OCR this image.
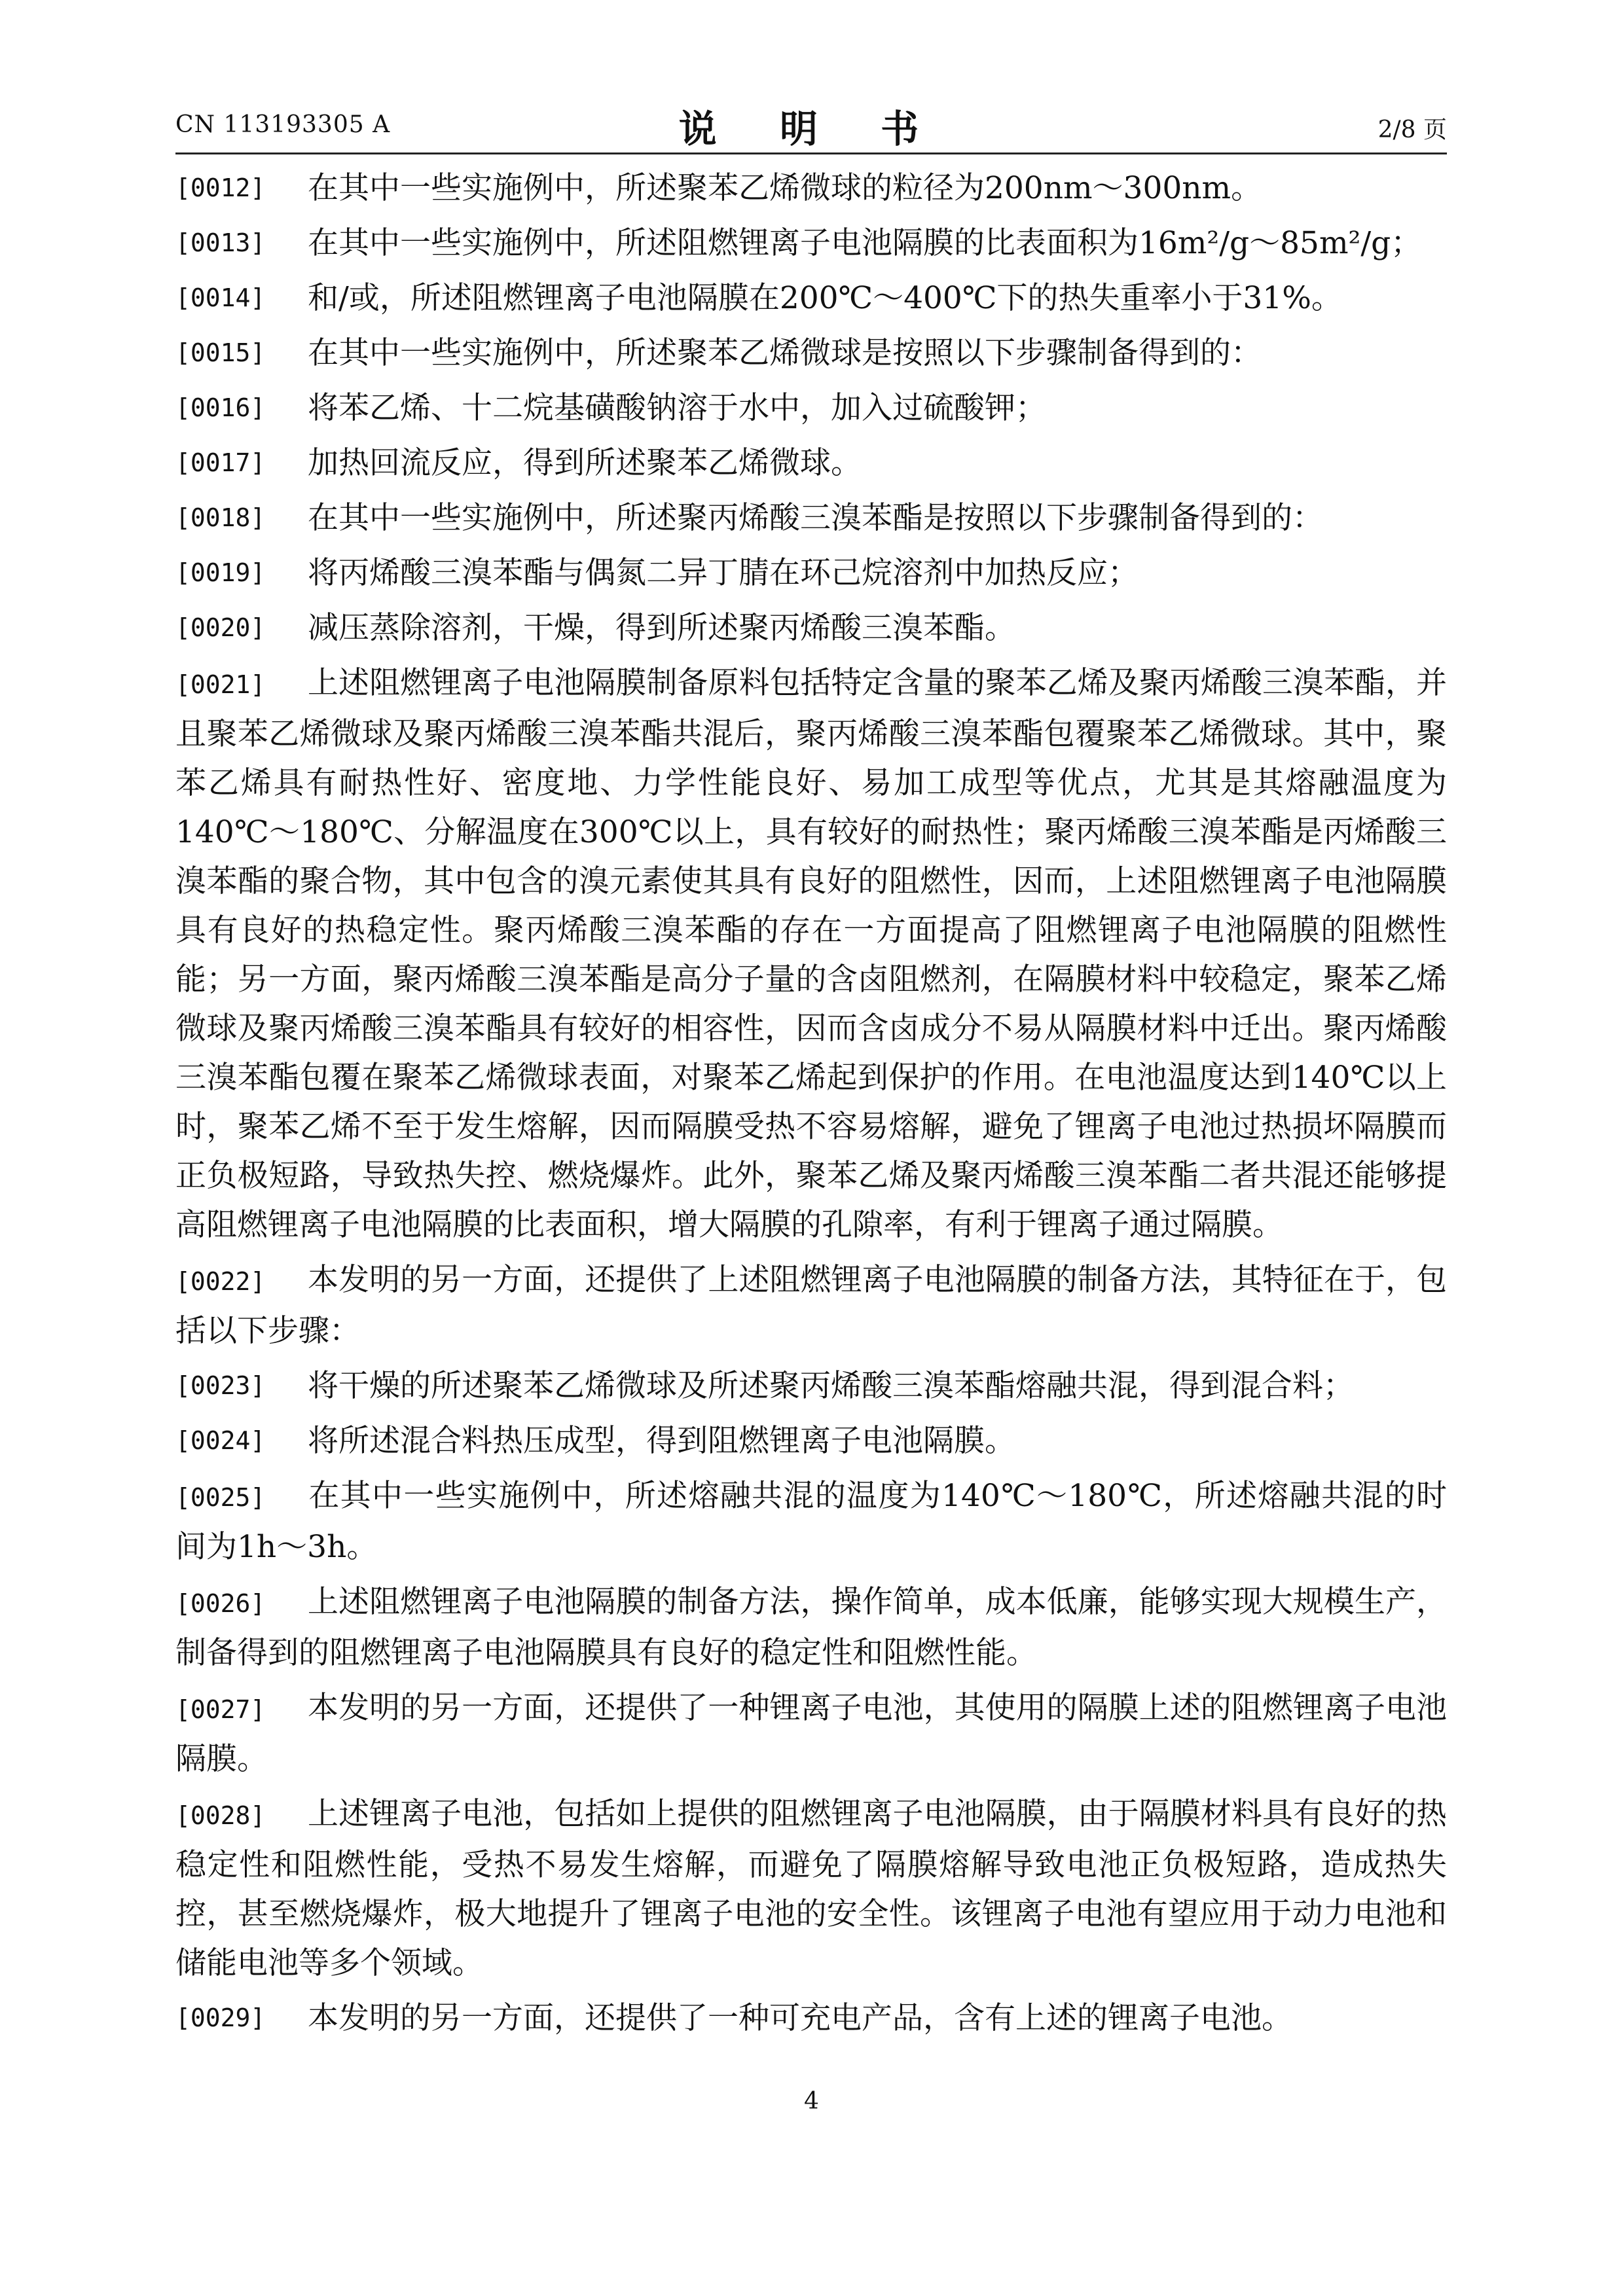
CN 113193305 A	说 明 书	2/8 页
[0012] 在其中一些实施例中，所述聚苯乙烯微球的粒径为200nm～300nm。
[0013] 在其中一些实施例中，所述阻燃锂离子电池隔膜的比表面积为16m²/g～85m²/g；
[0014] 和/或，所述阻燃锂离子电池隔膜在200℃～400℃下的热失重率小于31%。
[0015] 在其中一些实施例中，所述聚苯乙烯微球是按照以下步骤制备得到的：
[0016] 将苯乙烯、十二烷基磺酸钠溶于水中，加入过硫酸钾；
[0017] 加热回流反应，得到所述聚苯乙烯微球。
[0018] 在其中一些实施例中，所述聚丙烯酸三溴苯酯是按照以下步骤制备得到的：
[0019] 将丙烯酸三溴苯酯与偶氮二异丁腈在环己烷溶剂中加热反应；
[0020] 减压蒸除溶剂，干燥，得到所述聚丙烯酸三溴苯酯。
[0021] 上述阻燃锂离子电池隔膜制备原料包括特定含量的聚苯乙烯及聚丙烯酸三溴苯酯，并且聚苯乙烯微球及聚丙烯酸三溴苯酯共混后，聚丙烯酸三溴苯酯包覆聚苯乙烯微球。其中，聚苯乙烯具有耐热性好、密度地、力学性能良好、易加工成型等优点，尤其是其熔融温度为140℃～180℃、分解温度在300℃以上，具有较好的耐热性；聚丙烯酸三溴苯酯是丙烯酸三溴苯酯的聚合物，其中包含的溴元素使其具有良好的阻燃性，因而，上述阻燃锂离子电池隔膜具有良好的热稳定性。聚丙烯酸三溴苯酯的存在一方面提高了阻燃锂离子电池隔膜的阻燃性能；另一方面，聚丙烯酸三溴苯酯是高分子量的含卤阻燃剂，在隔膜材料中较稳定，聚苯乙烯微球及聚丙烯酸三溴苯酯具有较好的相容性，因而含卤成分不易从隔膜材料中迁出。聚丙烯酸三溴苯酯包覆在聚苯乙烯微球表面，对聚苯乙烯起到保护的作用。在电池温度达到140℃以上时，聚苯乙烯不至于发生熔解，因而隔膜受热不容易熔解，避免了锂离子电池过热损坏隔膜而正负极短路，导致热失控、燃烧爆炸。此外，聚苯乙烯及聚丙烯酸三溴苯酯二者共混还能够提高阻燃锂离子电池隔膜的比表面积，增大隔膜的孔隙率，有利于锂离子通过隔膜。
[0022] 本发明的另一方面，还提供了上述阻燃锂离子电池隔膜的制备方法，其特征在于，包括以下步骤：
[0023] 将干燥的所述聚苯乙烯微球及所述聚丙烯酸三溴苯酯熔融共混，得到混合料；
[0024] 将所述混合料热压成型，得到阻燃锂离子电池隔膜。
[0025] 在其中一些实施例中，所述熔融共混的温度为140℃～180℃，所述熔融共混的时间为1h～3h。
[0026] 上述阻燃锂离子电池隔膜的制备方法，操作简单，成本低廉，能够实现大规模生产，制备得到的阻燃锂离子电池隔膜具有良好的稳定性和阻燃性能。
[0027] 本发明的另一方面，还提供了一种锂离子电池，其使用的隔膜上述的阻燃锂离子电池隔膜。
[0028] 上述锂离子电池，包括如上提供的阻燃锂离子电池隔膜，由于隔膜材料具有良好的热稳定性和阻燃性能，受热不易发生熔解，而避免了隔膜熔解导致电池正负极短路，造成热失控，甚至燃烧爆炸，极大地提升了锂离子电池的安全性。该锂离子电池有望应用于动力电池和储能电池等多个领域。
[0029] 本发明的另一方面，还提供了一种可充电产品，含有上述的锂离子电池。
4
